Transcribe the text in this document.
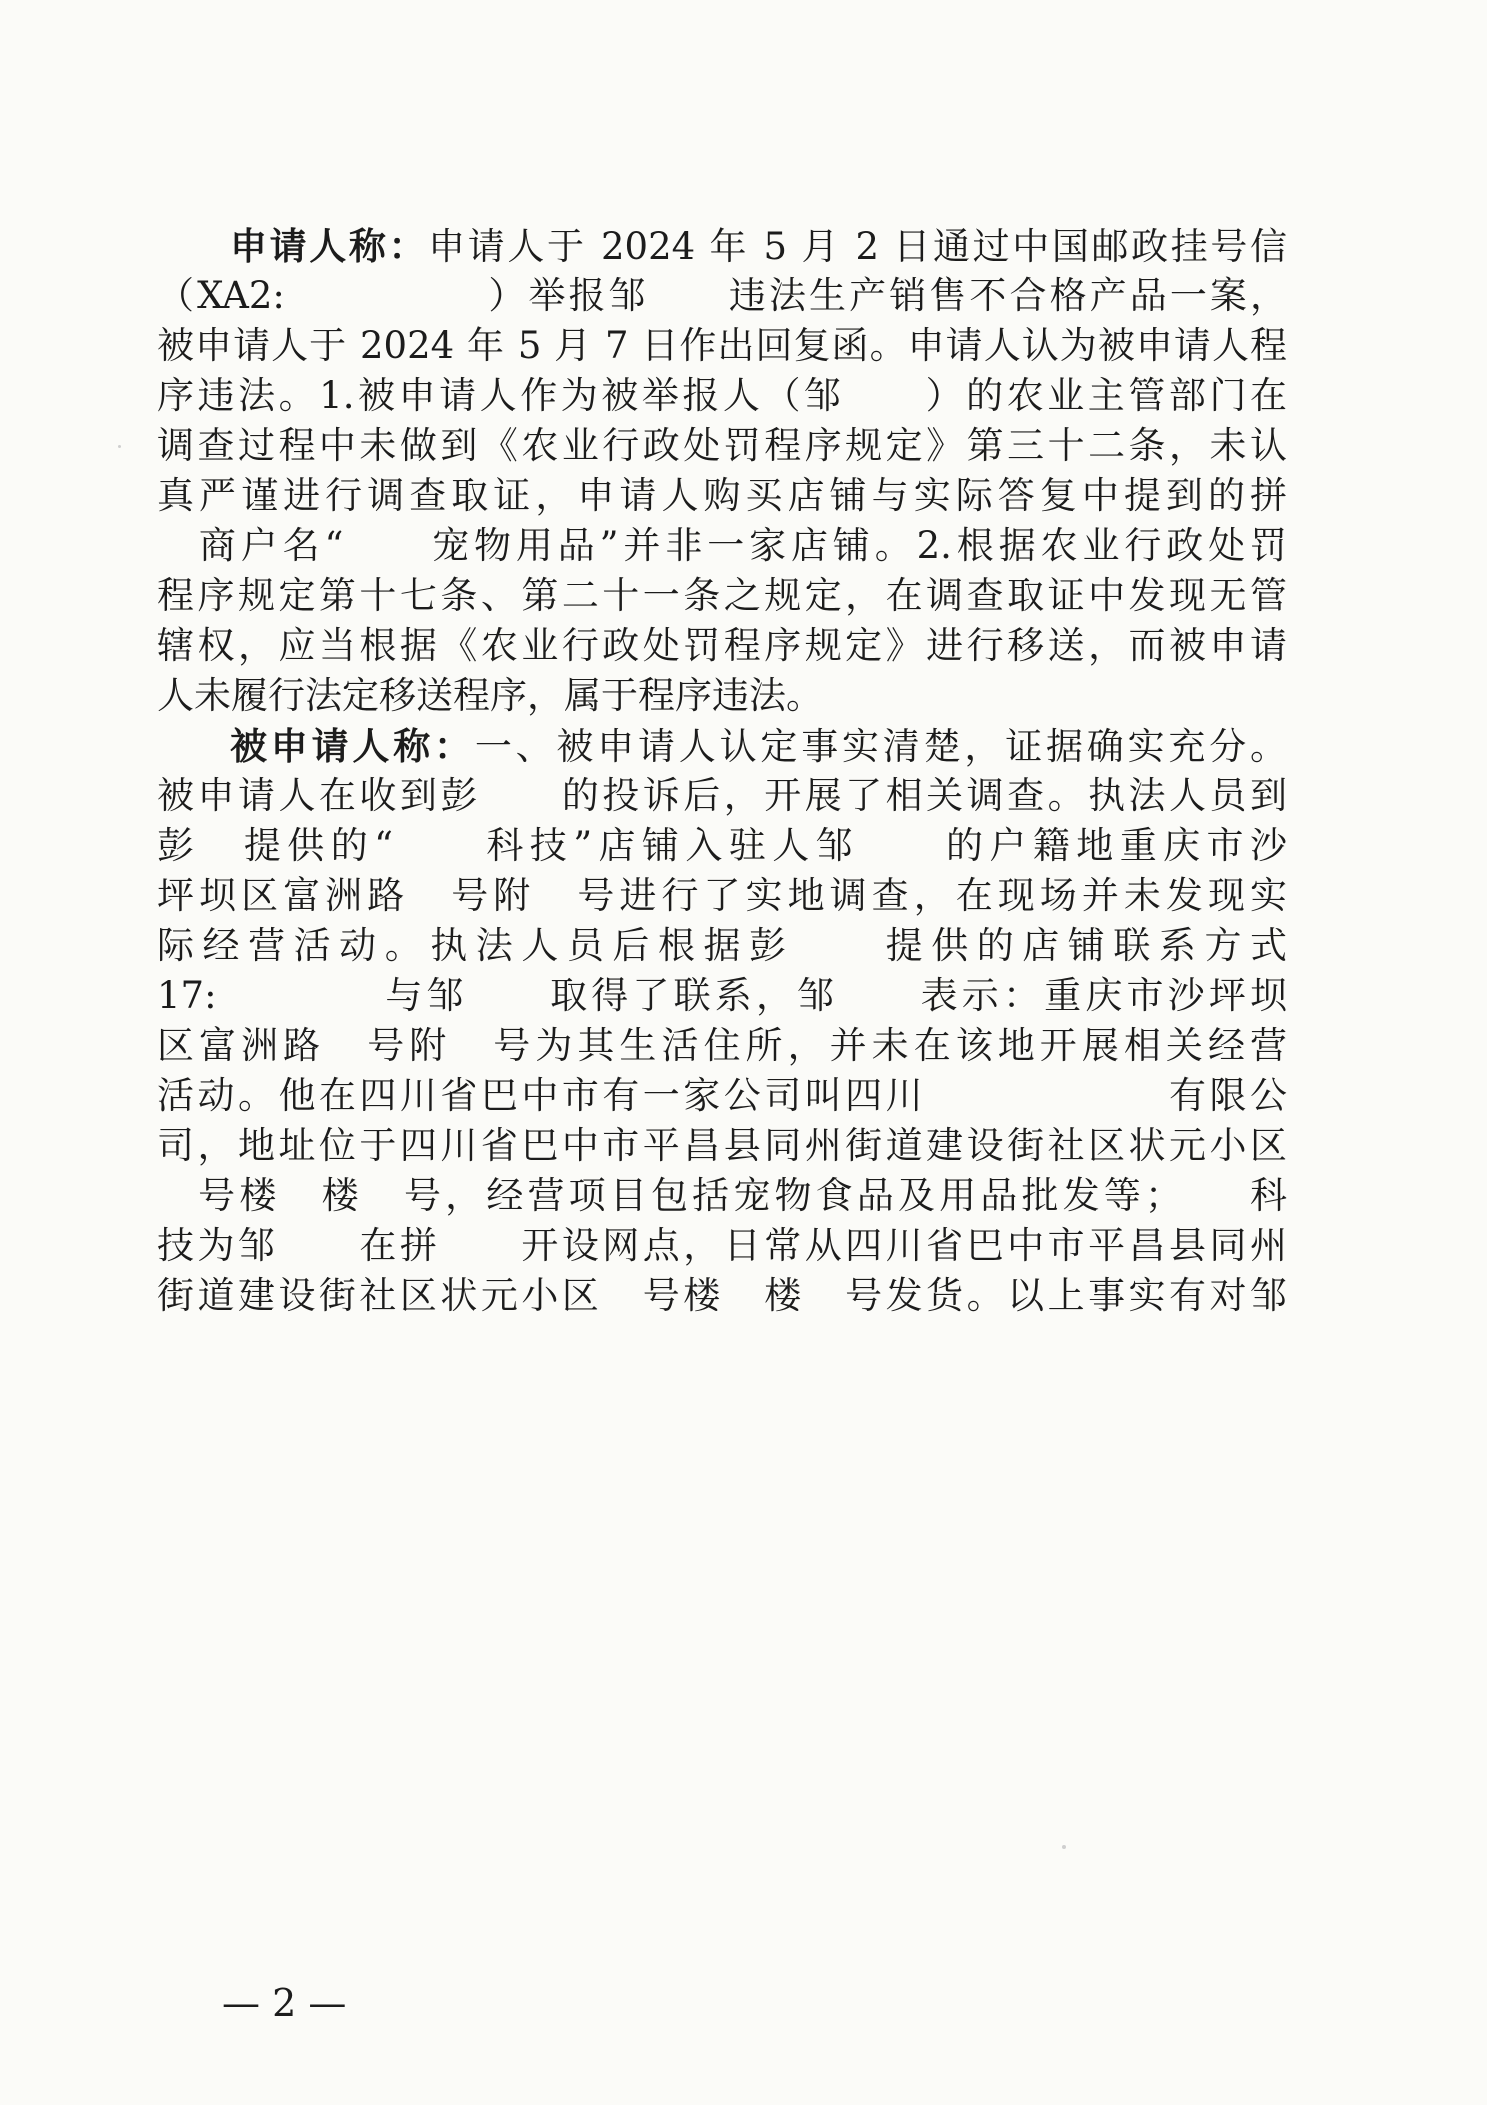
申请人称：申请人于 2024 年 5 月 2 日通过中国邮政挂号信
（XA2:　　　　　）举报邹　　违法生产销售不合格产品一案，
被申请人于 2024 年 5 月 7 日作出回复函。申请人认为被申请人程
序违法。1.被申请人作为被举报人（邹　　）的农业主管部门在
调查过程中未做到《农业行政处罚程序规定》第三十二条，未认
真严谨进行调查取证，申请人购买店铺与实际答复中提到的拼
　商户名“　　宠物用品”并非一家店铺。2.根据农业行政处罚
程序规定第十七条、第二十一条之规定，在调查取证中发现无管
辖权，应当根据《农业行政处罚程序规定》进行移送，而被申请
人未履行法定移送程序，属于程序违法。
被申请人称：一、被申请人认定事实清楚，证据确实充分。
被申请人在收到彭　　的投诉后，开展了相关调查。执法人员到
彭　提供的“　　科技”店铺入驻人邹　　的户籍地重庆市沙
坪坝区富洲路　号附　号进行了实地调查，在现场并未发现实
际经营活动。执法人员后根据彭　　提供的店铺联系方式
17:　　　　与邹　　取得了联系，邹　　表示：重庆市沙坪坝
区富洲路　号附　号为其生活住所，并未在该地开展相关经营
活动。他在四川省巴中市有一家公司叫四川　　　　　　有限公
司，地址位于四川省巴中市平昌县同州街道建设街社区状元小区
　号楼　楼　号，经营项目包括宠物食品及用品批发等；　　科
技为邹　　在拼　　开设网点，日常从四川省巴中市平昌县同州
街道建设街社区状元小区　号楼　楼　号发货。以上事实有对邹
— 2 —
